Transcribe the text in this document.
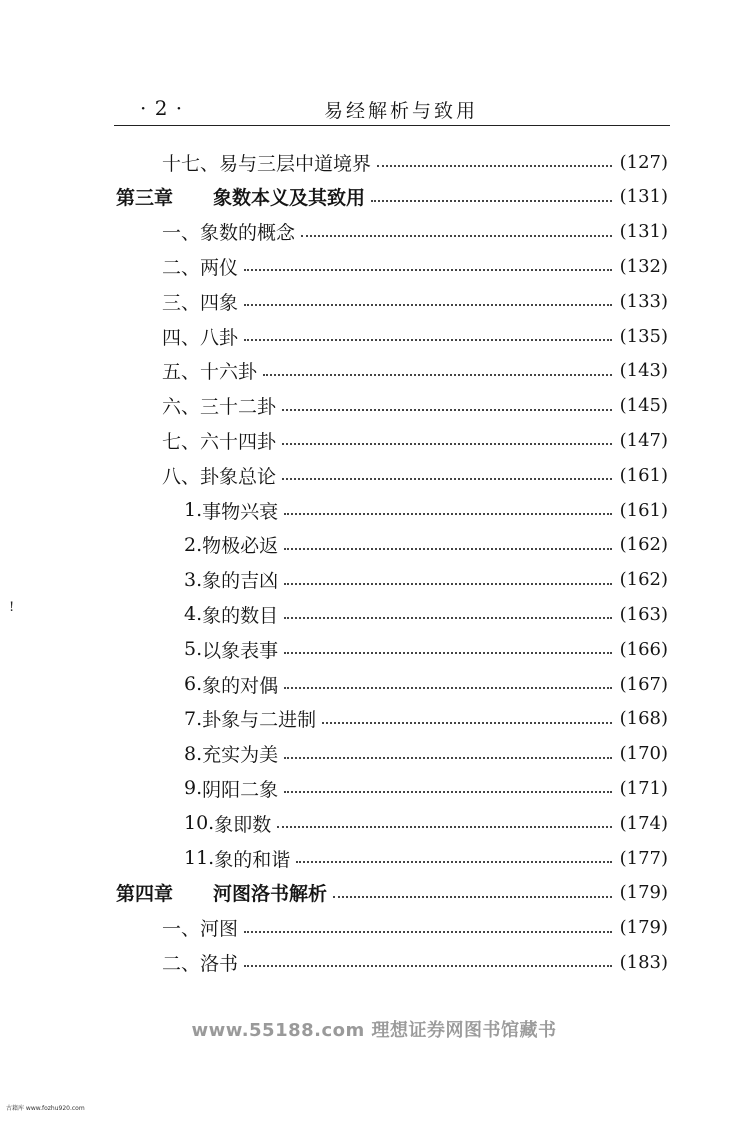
· 2 ·	易经解析与致用
十七、 易与三层中道境界	(127)
第三章 象数本义及其致用	(131)
一、 象数的概念	(131)
二、 两仪	(132)
三、 四象	(133)
四、 八卦	(135)
五、 十六卦	(143)
六、 三十二卦	(145)
七、 六十四卦	(147)
八、 卦象总论	(161)
1. 事物兴衰	(161)
2. 物极必返	(162)
3. 象的吉凶	(162)
4. 象的数目	(163)
5. 以象表事	(166)
6. 象的对偶	(167)
7. 卦象与二进制	(168)
8. 充实为美	(170)
9. 阴阳二象	(171)
10. 象即数	(174)
11. 象的和谐	(177)
第四章 河图洛书解析	(179)
一、 河图	(179)
二、 洛书	(183)
!
www.55188.com 理想证券网图书馆藏书
古籍库 www.fozhu920.com
